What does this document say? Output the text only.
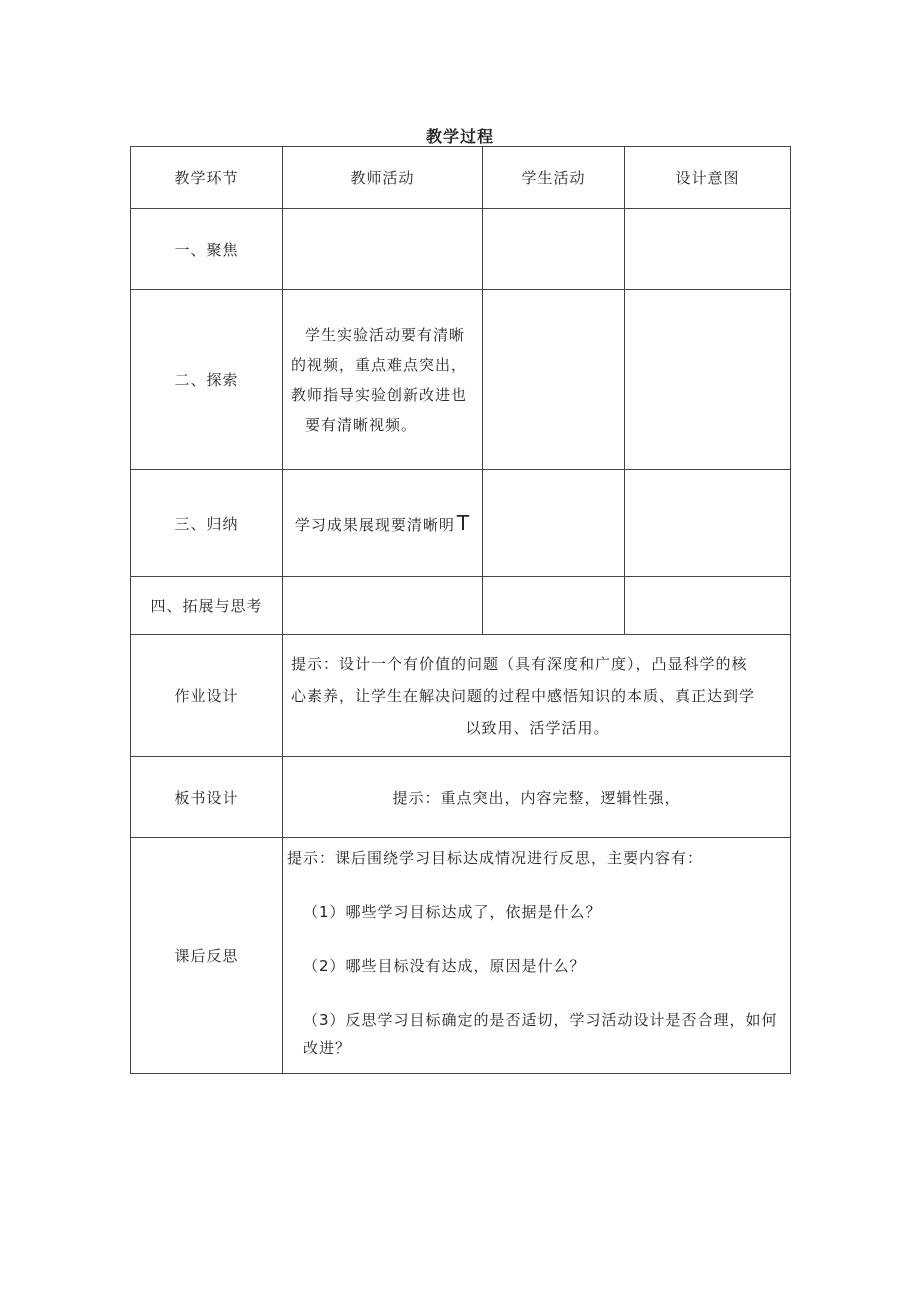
教学过程
教学环节	教师活动	学生活动	设计意图
一、聚焦			
二、探索	学生实验活动要有清晰
的视频，重点难点突出，
教师指导实验创新改进也
要有清晰视频。		
三、归纳	学习成果展现要清晰明 T		
四、拓展与思考			
作业设计	提示：设计一个有价值的问题（具有深度和广度），凸显科学的核
心素养，让学生在解决问题的过程中感悟知识的本质、真正达到学
以致用、活学活用。		

板书设计	提示：重点突出，内容完整，逻辑性强，		
课后反思	提示：课后围绕学习目标达成情况进行反思，主要内容有：

（1）哪些学习目标达成了，依据是什么？

（2）哪些目标没有达成，原因是什么？

（3）反思学习目标确定的是否适切，学习活动设计是否合理，如何改进？		
